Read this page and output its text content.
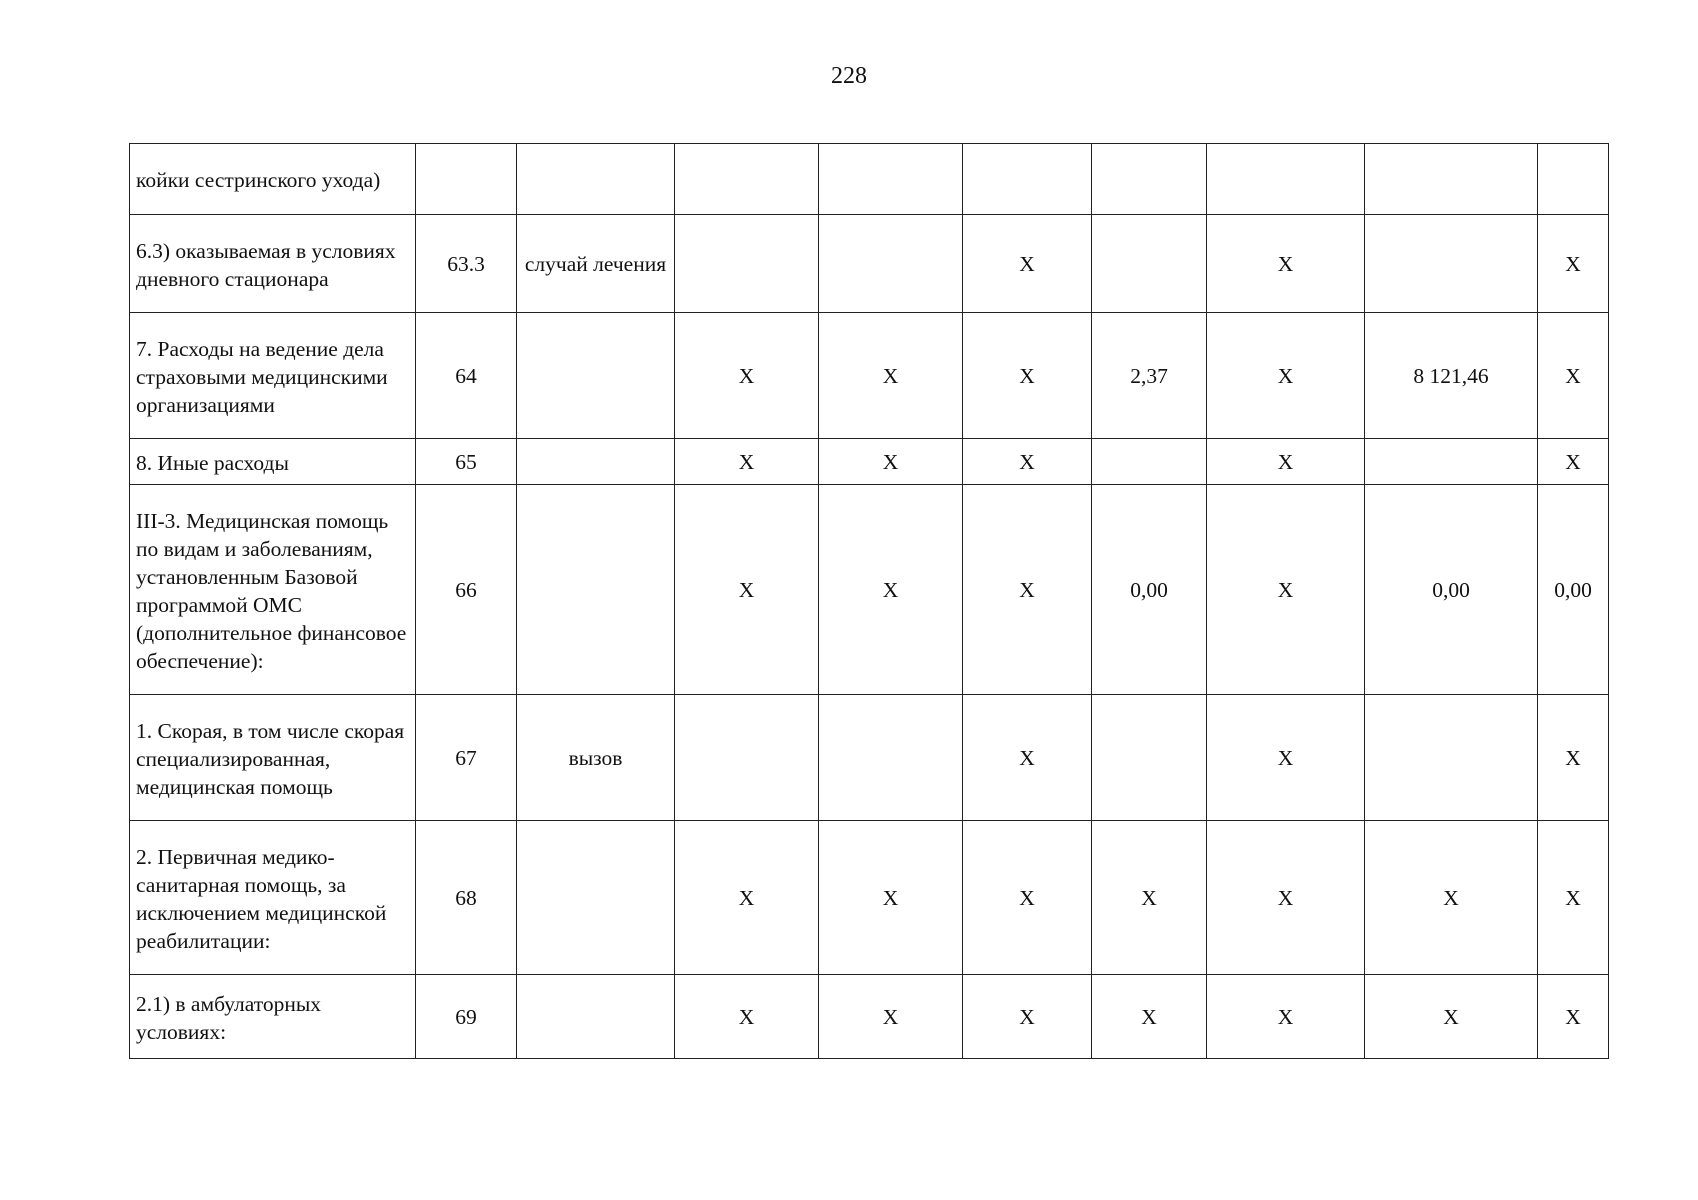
228
койки сестринского ухода)									
6.3) оказываемая в условиях дневного стационара	63.3	случай лечения			X		X		X
7. Расходы на ведение дела страховыми медицинскими организациями	64		X	X	X	2,37	X	8 121,46	X
8. Иные расходы	65		X	X	X		X		X
III-3. Медицинская помощь по видам и заболеваниям, установленным Базовой программой ОМС (дополнительное финансовое обеспечение):	66		X	X	X	0,00	X	0,00	0,00
1. Скорая, в том числе скорая специализированная, медицинская помощь	67	вызов			X		X		X
2. Первичная медико-санитарная помощь, за исключением медицинской реабилитации:	68		X	X	X	X	X	X	X
2.1) в амбулаторных условиях:	69		X	X	X	X	X	X	X
